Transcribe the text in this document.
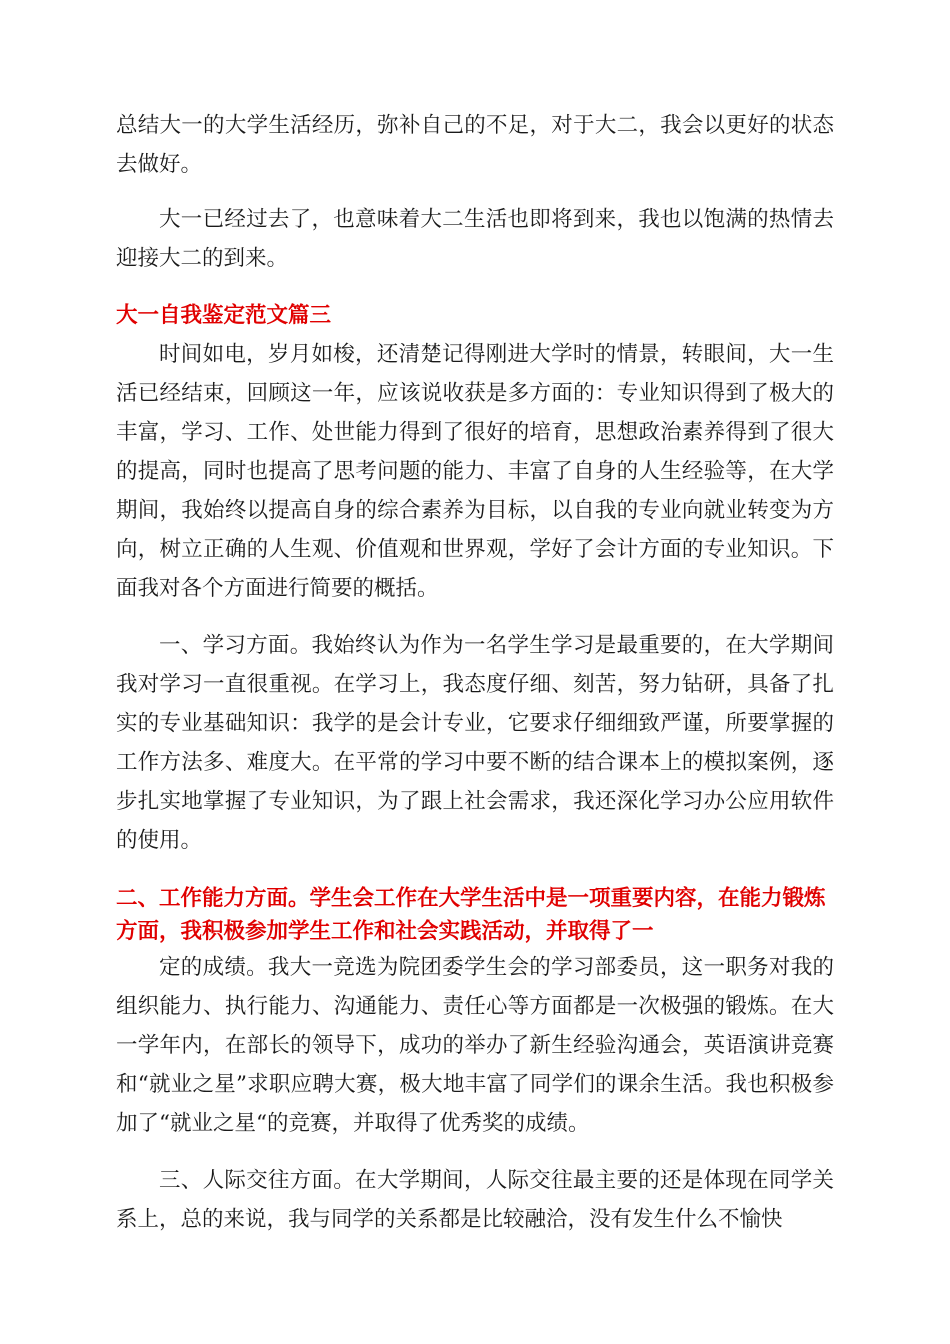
总结大一的大学生活经历，弥补自己的不足，对于大二，我会以更好的状态去做好。

大一已经过去了，也意味着大二生活也即将到来，我也以饱满的热情去迎接大二的到来。

大一自我鉴定范文篇三

时间如电，岁月如梭，还清楚记得刚进大学时的情景，转眼间，大一生活已经结束，回顾这一年，应该说收获是多方面的：专业知识得到了极大的丰富，学习、工作、处世能力得到了很好的培育，思想政治素养得到了很大的提高，同时也提高了思考问题的能力、丰富了自身的人生经验等，在大学期间，我始终以提高自身的综合素养为目标，以自我的专业向就业转变为方向，树立正确的人生观、价值观和世界观，学好了会计方面的专业知识。下面我对各个方面进行简要的概括。

一、学习方面。我始终认为作为一名学生学习是最重要的，在大学期间我对学习一直很重视。在学习上，我态度仔细、刻苦，努力钻研，具备了扎实的专业基础知识：我学的是会计专业，它要求仔细细致严谨，所要掌握的工作方法多、难度大。在平常的学习中要不断的结合课本上的模拟案例，逐步扎实地掌握了专业知识，为了跟上社会需求，我还深化学习办公应用软件的使用。

二、工作能力方面。学生会工作在大学生活中是一项重要内容，在能力锻炼方面，我积极参加学生工作和社会实践活动，并取得了一

定的成绩。我大一竞选为院团委学生会的学习部委员，这一职务对我的组织能力、执行能力、沟通能力、责任心等方面都是一次极强的锻炼。在大一学年内，在部长的领导下，成功的举办了新生经验沟通会，英语演讲竞赛和“就业之星”求职应聘大赛，极大地丰富了同学们的课余生活。我也积极参加了“就业之星“的竞赛，并取得了优秀奖的成绩。

三、人际交往方面。在大学期间，人际交往最主要的还是体现在同学关系上，总的来说，我与同学的关系都是比较融洽，没有发生什么不愉快
